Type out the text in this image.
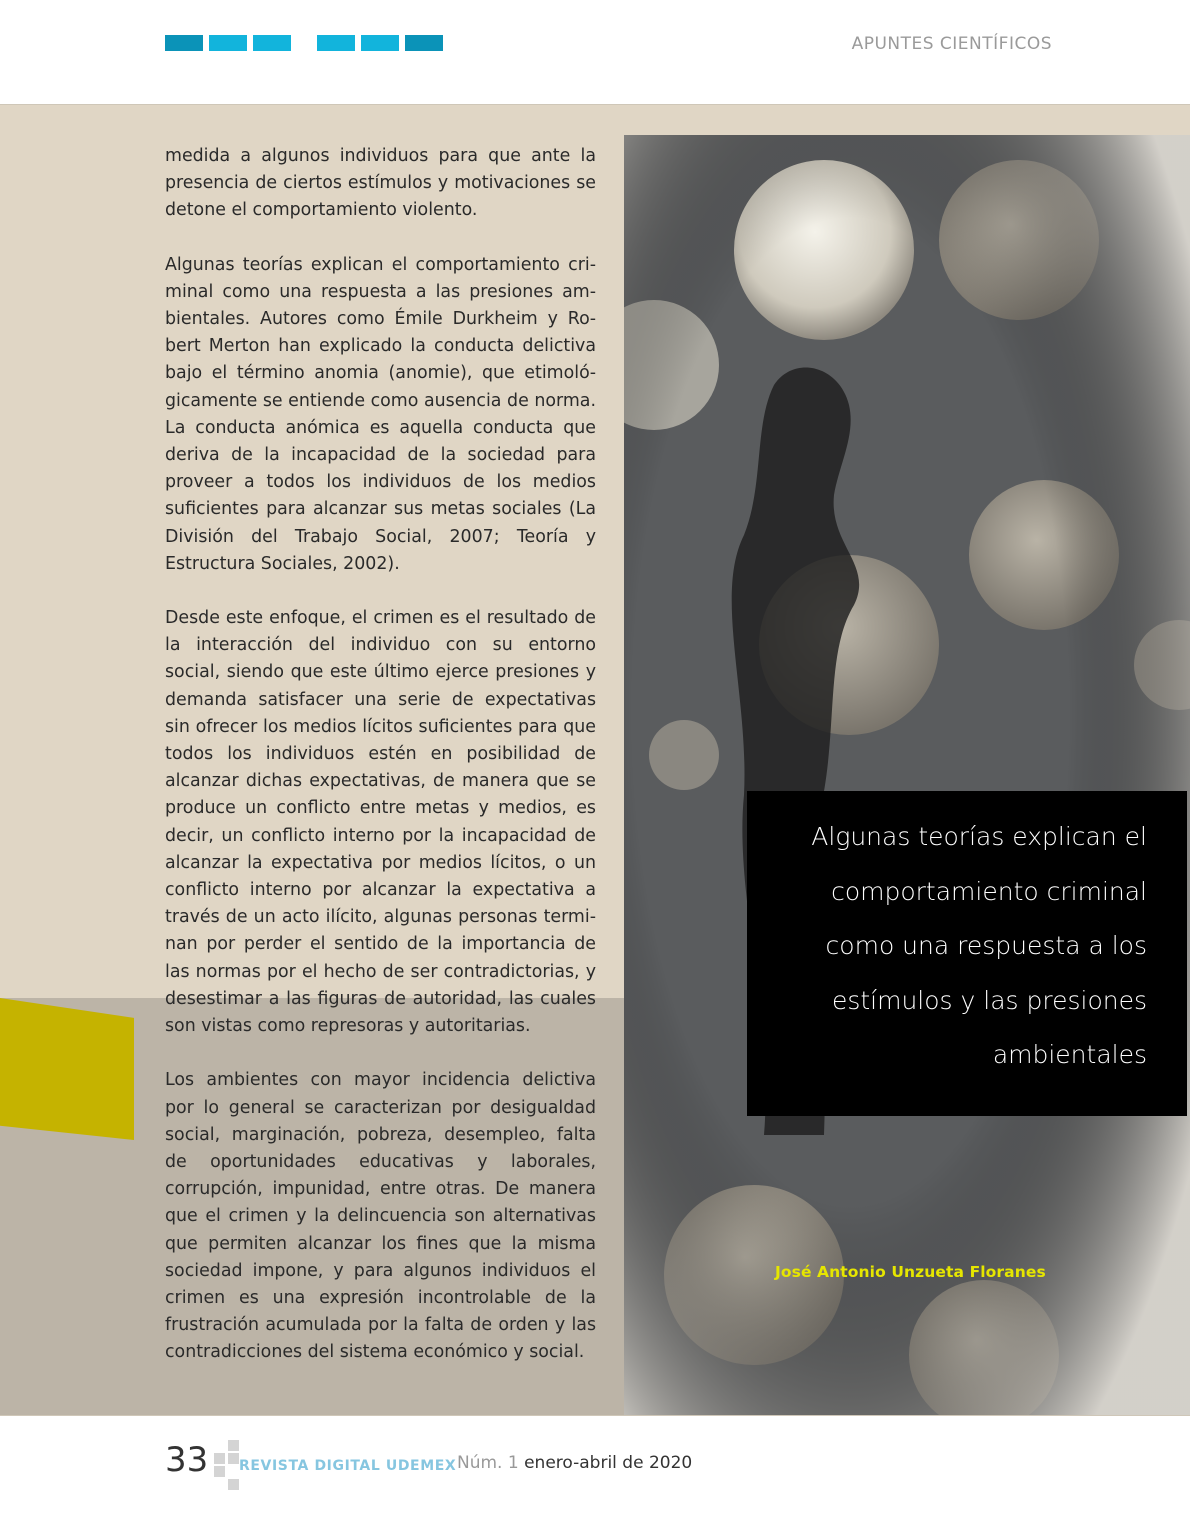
APUNTES CIENTÍFICOS

medida a algunos individuos para que ante la presencia de ciertos estímulos y motivaciones se detone el comportamiento violento.

Algunas teorías explican el comportamiento criminal como una respuesta a las presiones ambientales. Autores como Émile Durkheim y Robert Merton han explicado la conducta delictiva bajo el término anomia (anomie), que etimológicamente se entiende como ausencia de norma. La conducta anómica es aquella conducta que deriva de la incapacidad de la sociedad para proveer a todos los individuos de los medios suficientes para alcanzar sus metas sociales (La División del Trabajo Social, 2007; Teoría y Estructura Sociales, 2002).

Desde este enfoque, el crimen es el resultado de la interacción del individuo con su entorno social, siendo que este último ejerce presiones y demanda satisfacer una serie de expectativas sin ofrecer los medios lícitos suficientes para que todos los individuos estén en posibilidad de alcanzar dichas expectativas, de manera que se produce un conflicto entre metas y medios, es decir, un conflicto interno por la incapacidad de alcanzar la expectativa por medios lícitos, o un conflicto interno por alcanzar la expectativa a través de un acto ilícito, algunas personas terminan por perder el sentido de la importancia de las normas por el hecho de ser contradictorias, y desestimar a las figuras de autoridad, las cuales son vistas como represoras y autoritarias.

Los ambientes con mayor incidencia delictiva por lo general se caracterizan por desigualdad social, marginación, pobreza, desempleo, falta de oportunidades educativas y laborales, corrupción, impunidad, entre otras. De manera que el crimen y la delincuencia son alternativas que permiten alcanzar los fines que la misma sociedad impone, y para algunos individuos el crimen es una expresión incontrolable de la frustración acumulada por la falta de orden y las contradicciones del sistema económico y social.

Algunas teorías explican el
comportamiento criminal
como una respuesta a los
estímulos y las presiones
ambientales
José Antonio Unzueta Floranes
33 REVISTA DIGITAL UDEMEX Núm. 1 enero-abril de 2020
